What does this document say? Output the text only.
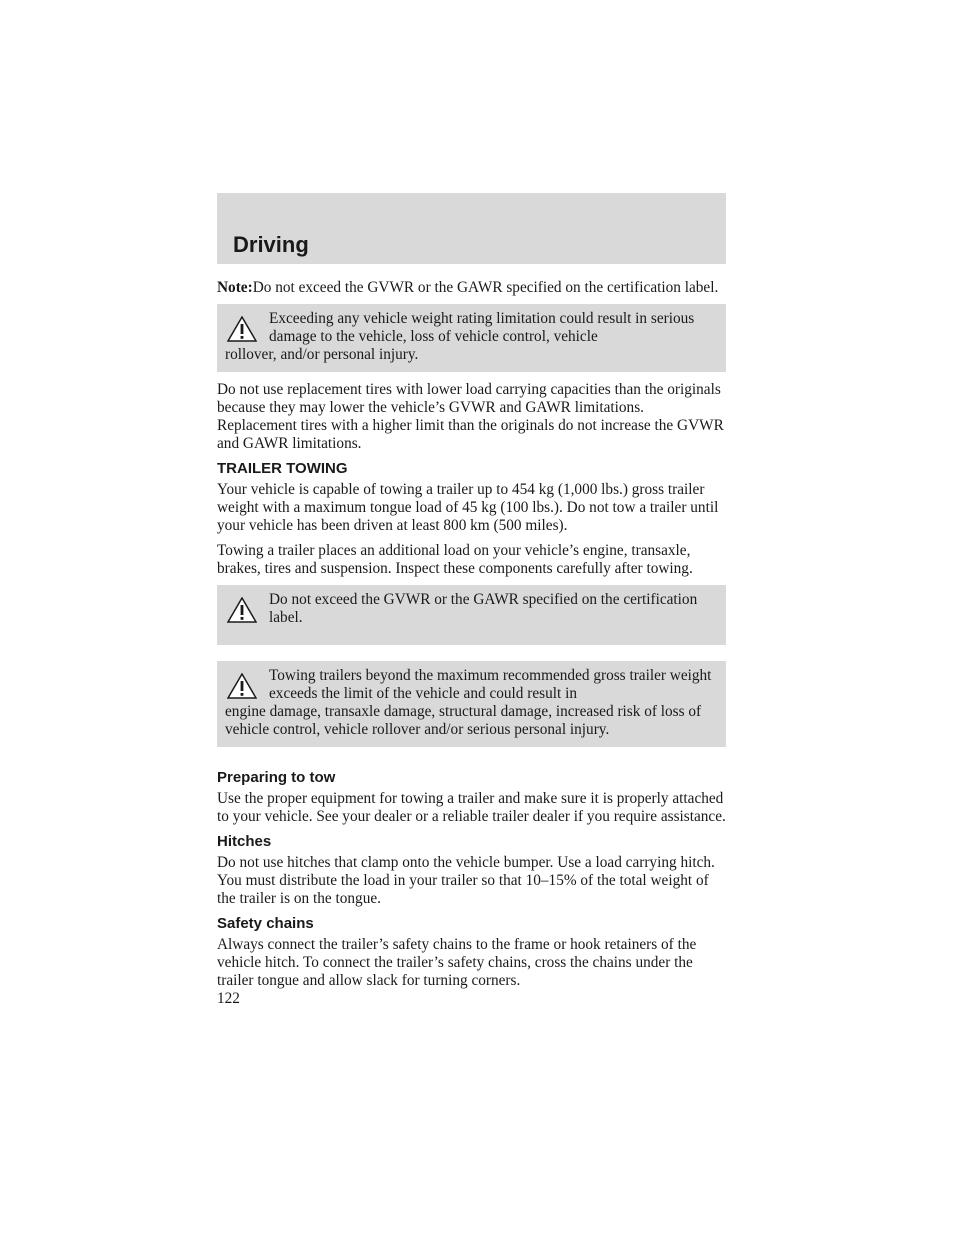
Driving

Note:Do not exceed the GVWR or the GAWR specified on the certification label.

Exceeding any vehicle weight rating limitation could result in serious damage to the vehicle, loss of vehicle control, vehicle
rollover, and/or personal injury.

Do not use replacement tires with lower load carrying capacities than the originals because they may lower the vehicle’s GVWR and GAWR limitations. Replacement tires with a higher limit than the originals do not increase the GVWR and GAWR limitations.

TRAILER TOWING

Your vehicle is capable of towing a trailer up to 454 kg (1,000 lbs.) gross trailer weight with a maximum tongue load of 45 kg (100 lbs.). Do not tow a trailer until your vehicle has been driven at least 800 km (500 miles).

Towing a trailer places an additional load on your vehicle’s engine, transaxle, brakes, tires and suspension. Inspect these components carefully after towing.

Do not exceed the GVWR or the GAWR specified on the certification label.
Towing trailers beyond the maximum recommended gross trailer weight exceeds the limit of the vehicle and could result in
engine damage, transaxle damage, structural damage, increased risk of loss of vehicle control, vehicle rollover and/or serious personal injury.
Preparing to tow

Use the proper equipment for towing a trailer and make sure it is properly attached to your vehicle. See your dealer or a reliable trailer dealer if you require assistance.

Hitches

Do not use hitches that clamp onto the vehicle bumper. Use a load carrying hitch. You must distribute the load in your trailer so that 10–15% of the total weight of the trailer is on the tongue.

Safety chains

Always connect the trailer’s safety chains to the frame or hook retainers of the vehicle hitch. To connect the trailer’s safety chains, cross the chains under the trailer tongue and allow slack for turning corners.

122
